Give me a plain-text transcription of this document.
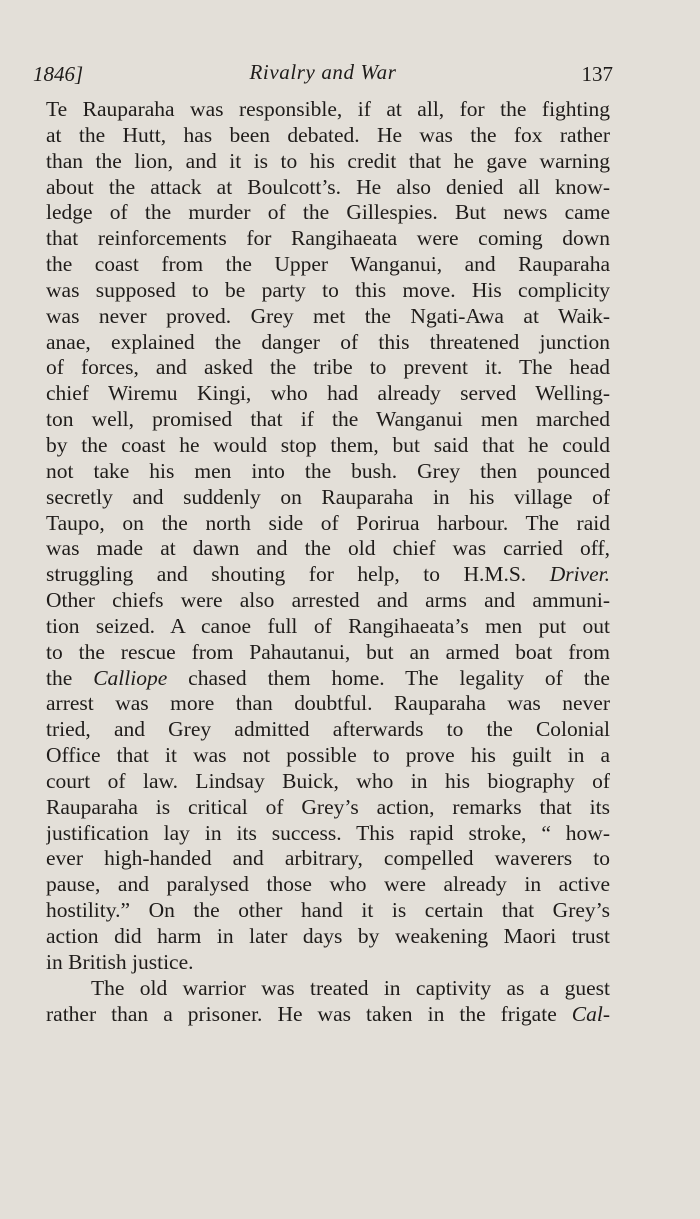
1846]	Rivalry and War	137
Te Rauparaha was responsible, if at all, for the fighting
at the Hutt, has been debated. He was the fox rather
than the lion, and it is to his credit that he gave warning
about the attack at Boulcott’s. He also denied all know-
ledge of the murder of the Gillespies. But news came
that reinforcements for Rangihaeata were coming down
the coast from the Upper Wanganui, and Rauparaha
was supposed to be party to this move. His complicity
was never proved. Grey met the Ngati-Awa at Waik-
anae, explained the danger of this threatened junction
of forces, and asked the tribe to prevent it. The head
chief Wiremu Kingi, who had already served Welling-
ton well, promised that if the Wanganui men marched
by the coast he would stop them, but said that he could
not take his men into the bush. Grey then pounced
secretly and suddenly on Rauparaha in his village of
Taupo, on the north side of Porirua harbour. The raid
was made at dawn and the old chief was carried off,
struggling and shouting for help, to H.M.S. Driver.
Other chiefs were also arrested and arms and ammuni-
tion seized. A canoe full of Rangihaeata’s men put out
to the rescue from Pahautanui, but an armed boat from
the Calliope chased them home. The legality of the
arrest was more than doubtful. Rauparaha was never
tried, and Grey admitted afterwards to the Colonial
Office that it was not possible to prove his guilt in a
court of law. Lindsay Buick, who in his biography of
Rauparaha is critical of Grey’s action, remarks that its
justification lay in its success. This rapid stroke, “ how-
ever high-handed and arbitrary, compelled waverers to
pause, and paralysed those who were already in active
hostility.” On the other hand it is certain that Grey’s
action did harm in later days by weakening Maori trust
in British justice.
The old warrior was treated in captivity as a guest
rather than a prisoner. He was taken in the frigate Cal-
